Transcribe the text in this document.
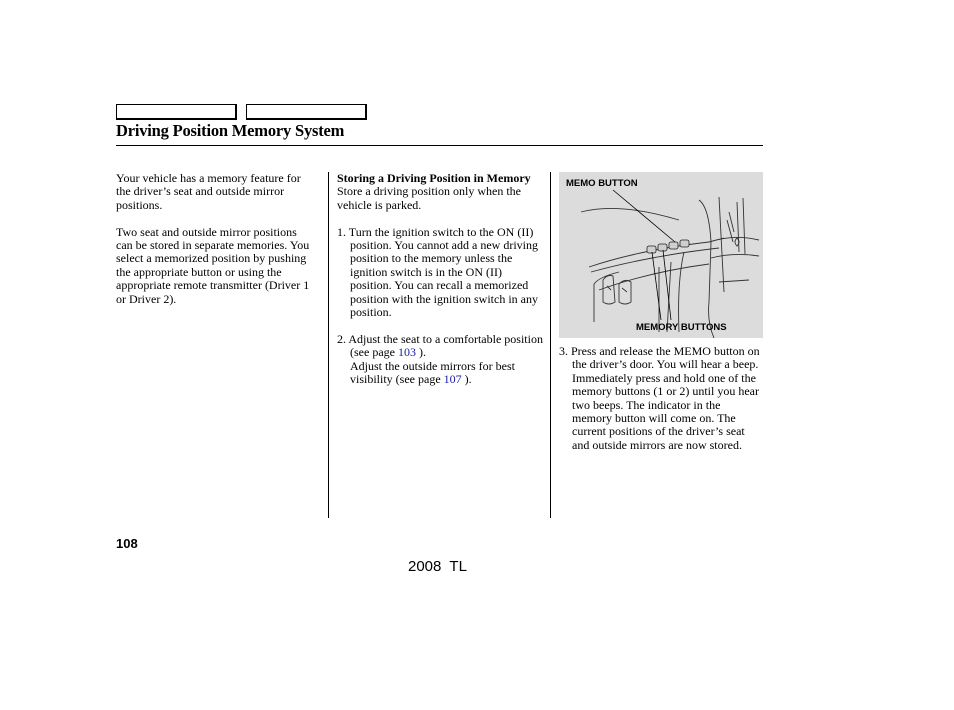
Driving Position Memory System

Your vehicle has a memory feature for the driver’s seat and outside mirror positions.

Two seat and outside mirror positions can be stored in separate memories. You select a memorized position by pushing the appropriate button or using the appropriate remote transmitter (Driver 1 or Driver 2).

Storing a Driving Position in Memory

Store a driving position only when the vehicle is parked.

1. Turn the ignition switch to the ON (II) position. You cannot add a new driving position to the memory unless the ignition switch is in the ON (II) position. You can recall a memorized position with the ignition switch in any position.

2. Adjust the seat to a comfortable position (see page 103 ).
Adjust the outside mirrors for best visibility (see page 107 ).

MEMO BUTTON
MEMORY BUTTONS

3. Press and release the MEMO button on the driver’s door. You will hear a beep. Immediately press and hold one of the memory buttons (1 or 2) until you hear two beeps. The indicator in the memory button will come on. The current positions of the driver’s seat and outside mirrors are now stored.

108
2008  TL
